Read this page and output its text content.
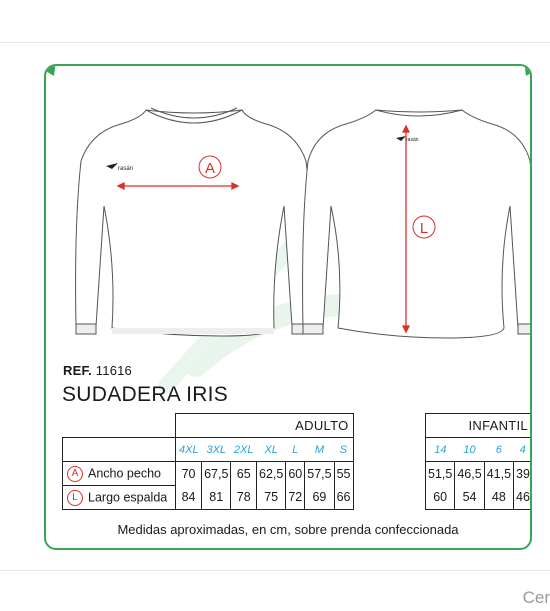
rasán	A
rasán
L
REF. 11616
SUDADERA IRIS
	ADULTO						
	4XL	3XL	2XL	XL	L	M	S
A Ancho pecho	70	67,5	65	62,5	60	57,5	55
L Largo espalda	84	81	78	75	72	69	66
INFANTIL			
14	10	6	4
51,5	46,5	41,5	39
60	54	48	46
Medidas aproximadas, en cm, sobre prenda confeccionada
Cer
